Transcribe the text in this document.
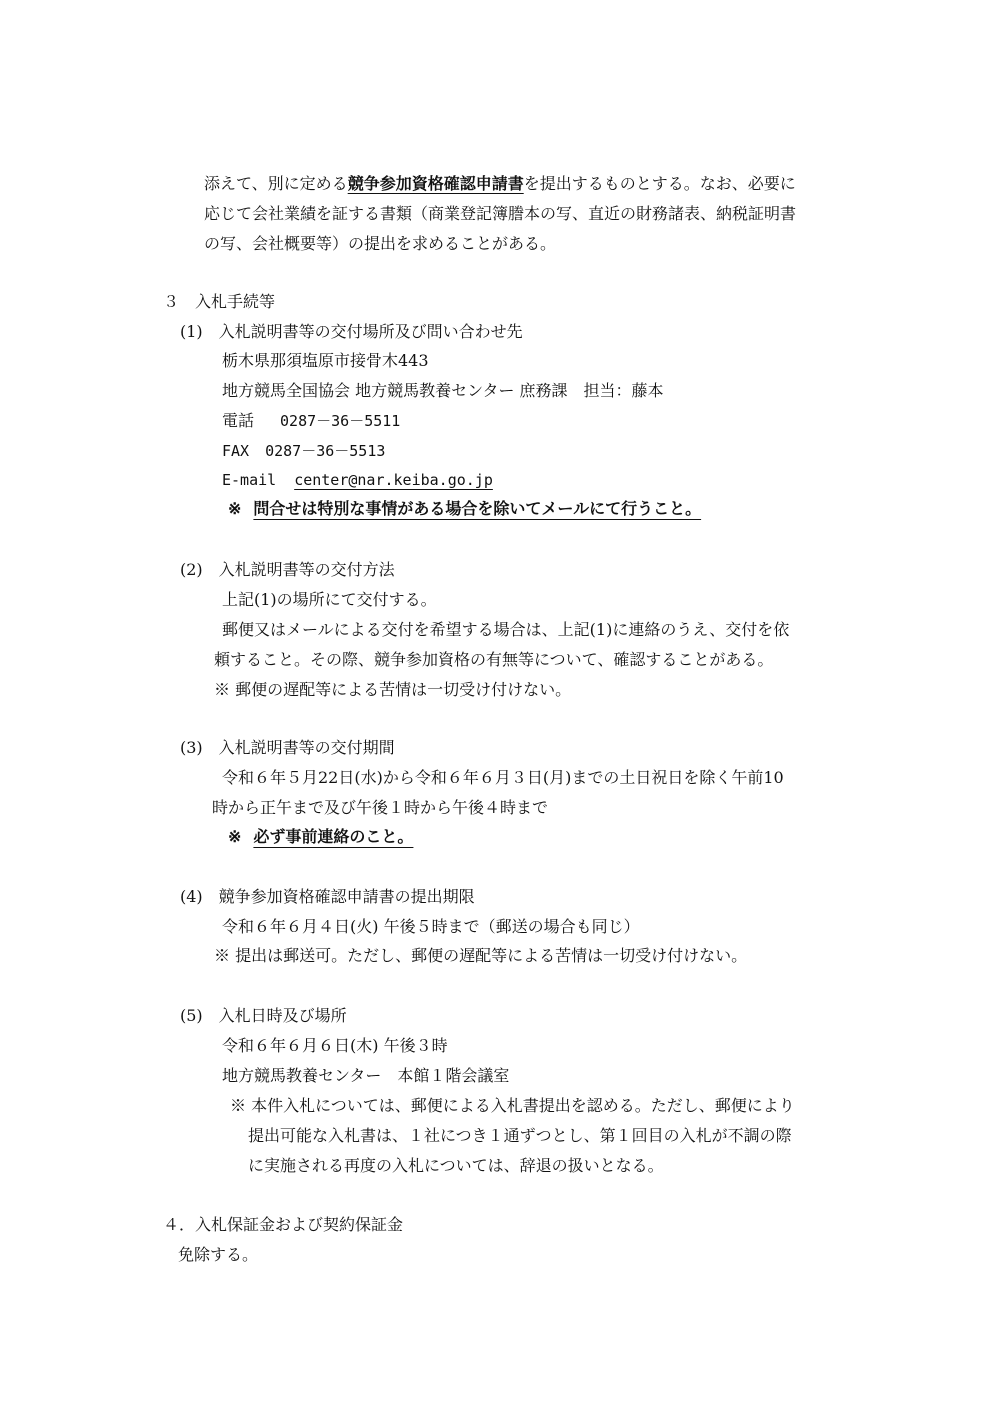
添えて、別に定める競争参加資格確認申請書を提出するものとする。なお、必要に
応じて会社業績を証する書類（商業登記簿謄本の写、直近の財務諸表、納税証明書
の写、会社概要等）の提出を求めることがある。
３　入札手続等
(1)　入札説明書等の交付場所及び問い合わせ先
栃木県那須塩原市接骨木443
地方競馬全国協会 地方競馬教養センター 庶務課　担当：藤本
電話 0287－36－5511
FAX 0287－36－5513
E-mail center@nar.keiba.go.jp
※ 問合せは特別な事情がある場合を除いてメールにて行うこと。
(2)　入札説明書等の交付方法
上記(1)の場所にて交付する。
郵便又はメールによる交付を希望する場合は、上記(1)に連絡のうえ、交付を依
頼すること。その際、競争参加資格の有無等について、確認することがある。
※ 郵便の遅配等による苦情は一切受け付けない。
(3)　入札説明書等の交付期間
令和６年５月22日(水)から令和６年６月３日(月)までの土日祝日を除く午前10
時から正午まで及び午後１時から午後４時まで
※ 必ず事前連絡のこと。
(4)　競争参加資格確認申請書の提出期限
令和６年６月４日(火) 午後５時まで（郵送の場合も同じ）
※ 提出は郵送可。ただし、郵便の遅配等による苦情は一切受け付けない。
(5)　入札日時及び場所
令和６年６月６日(木) 午後３時
地方競馬教養センター　本館１階会議室
※ 本件入札については、郵便による入札書提出を認める。ただし、郵便により
提出可能な入札書は、１社につき１通ずつとし、第１回目の入札が不調の際
に実施される再度の入札については、辞退の扱いとなる。
４．入札保証金および契約保証金
免除する。
